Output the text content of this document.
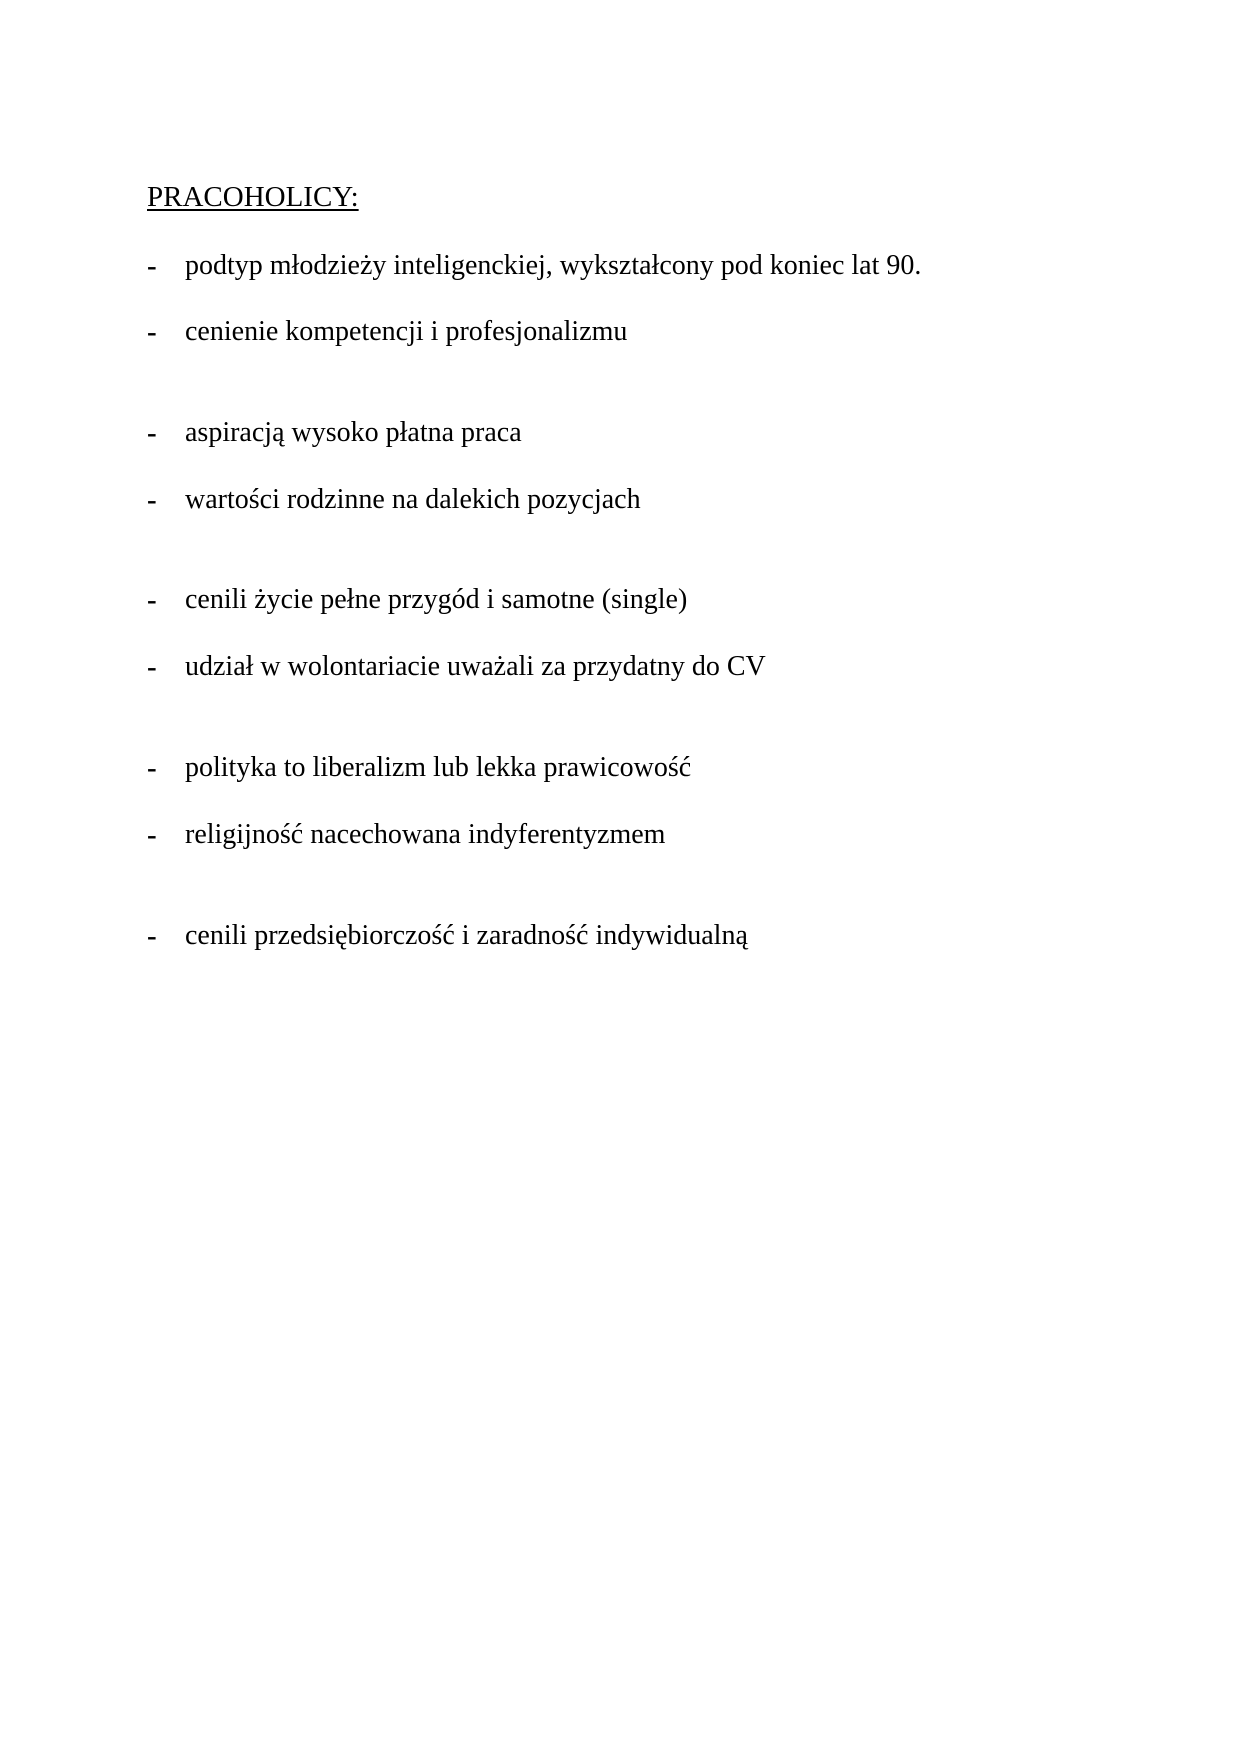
PRACOHOLICY:
- podtyp młodzieży inteligenckiej, wykształcony pod koniec lat 90.
- cenienie kompetencji i profesjonalizmu
- aspiracją wysoko płatna praca
- wartości rodzinne na dalekich pozycjach
- cenili życie pełne przygód i samotne (single)
- udział w wolontariacie uważali za przydatny do CV
- polityka to liberalizm lub lekka prawicowość
- religijność nacechowana indyferentyzmem
- cenili przedsiębiorczość i zaradność indywidualną
